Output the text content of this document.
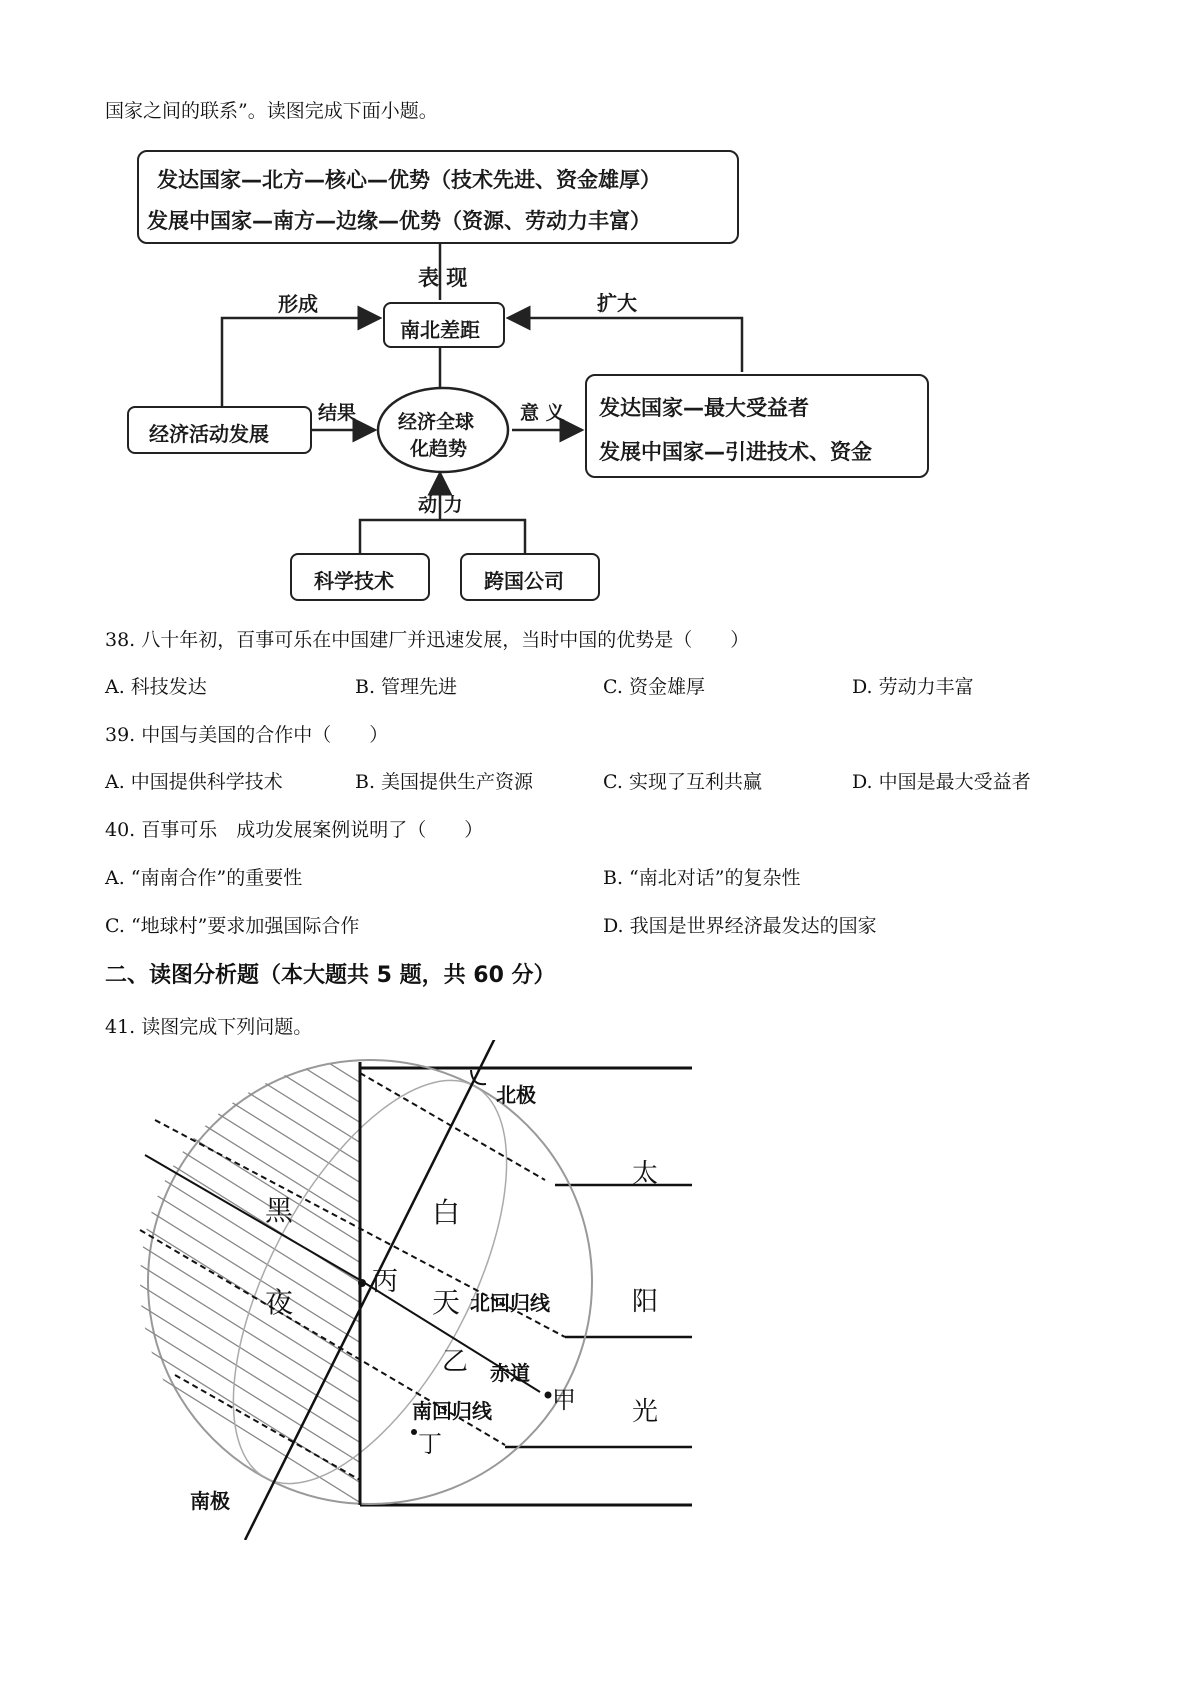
国家之间的联系”。读图完成下面小题。
发达国家—北方—核心—优势（技术先进、资金雄厚）
发展中国家—南方—边缘—优势（资源、劳动力丰富）
表 现
形成	扩大
南北差距
经济活动发展
结果 经济全球
化趋势
意 义 发达国家—最大受益者
发展中国家—引进技术、资金
动 力
科学技术	跨国公司
38. 八十年初，百事可乐在中国建厂并迅速发展，当时中国的优势是（　　）
A. 科技发达	B. 管理先进	C. 资金雄厚	D. 劳动力丰富
39. 中国与美国的合作中（　　）
A. 中国提供科学技术	B. 美国提供生产资源	C. 实现了互利共赢	D. 中国是最大受益者
40. 百事可乐　成功发展案例说明了（　　）
A. “南南合作”的重要性	B. “南北对话”的复杂性
C. “地球村”要求加强国际合作	D. 我国是世界经济最发达的国家
二、读图分析题（本大题共 5 题，共 60 分）
41. 读图完成下列问题。
北极
南极
黑
夜
白
天
丙
乙
甲
丁
北回归线
赤道
南回归线
太
阳
光
